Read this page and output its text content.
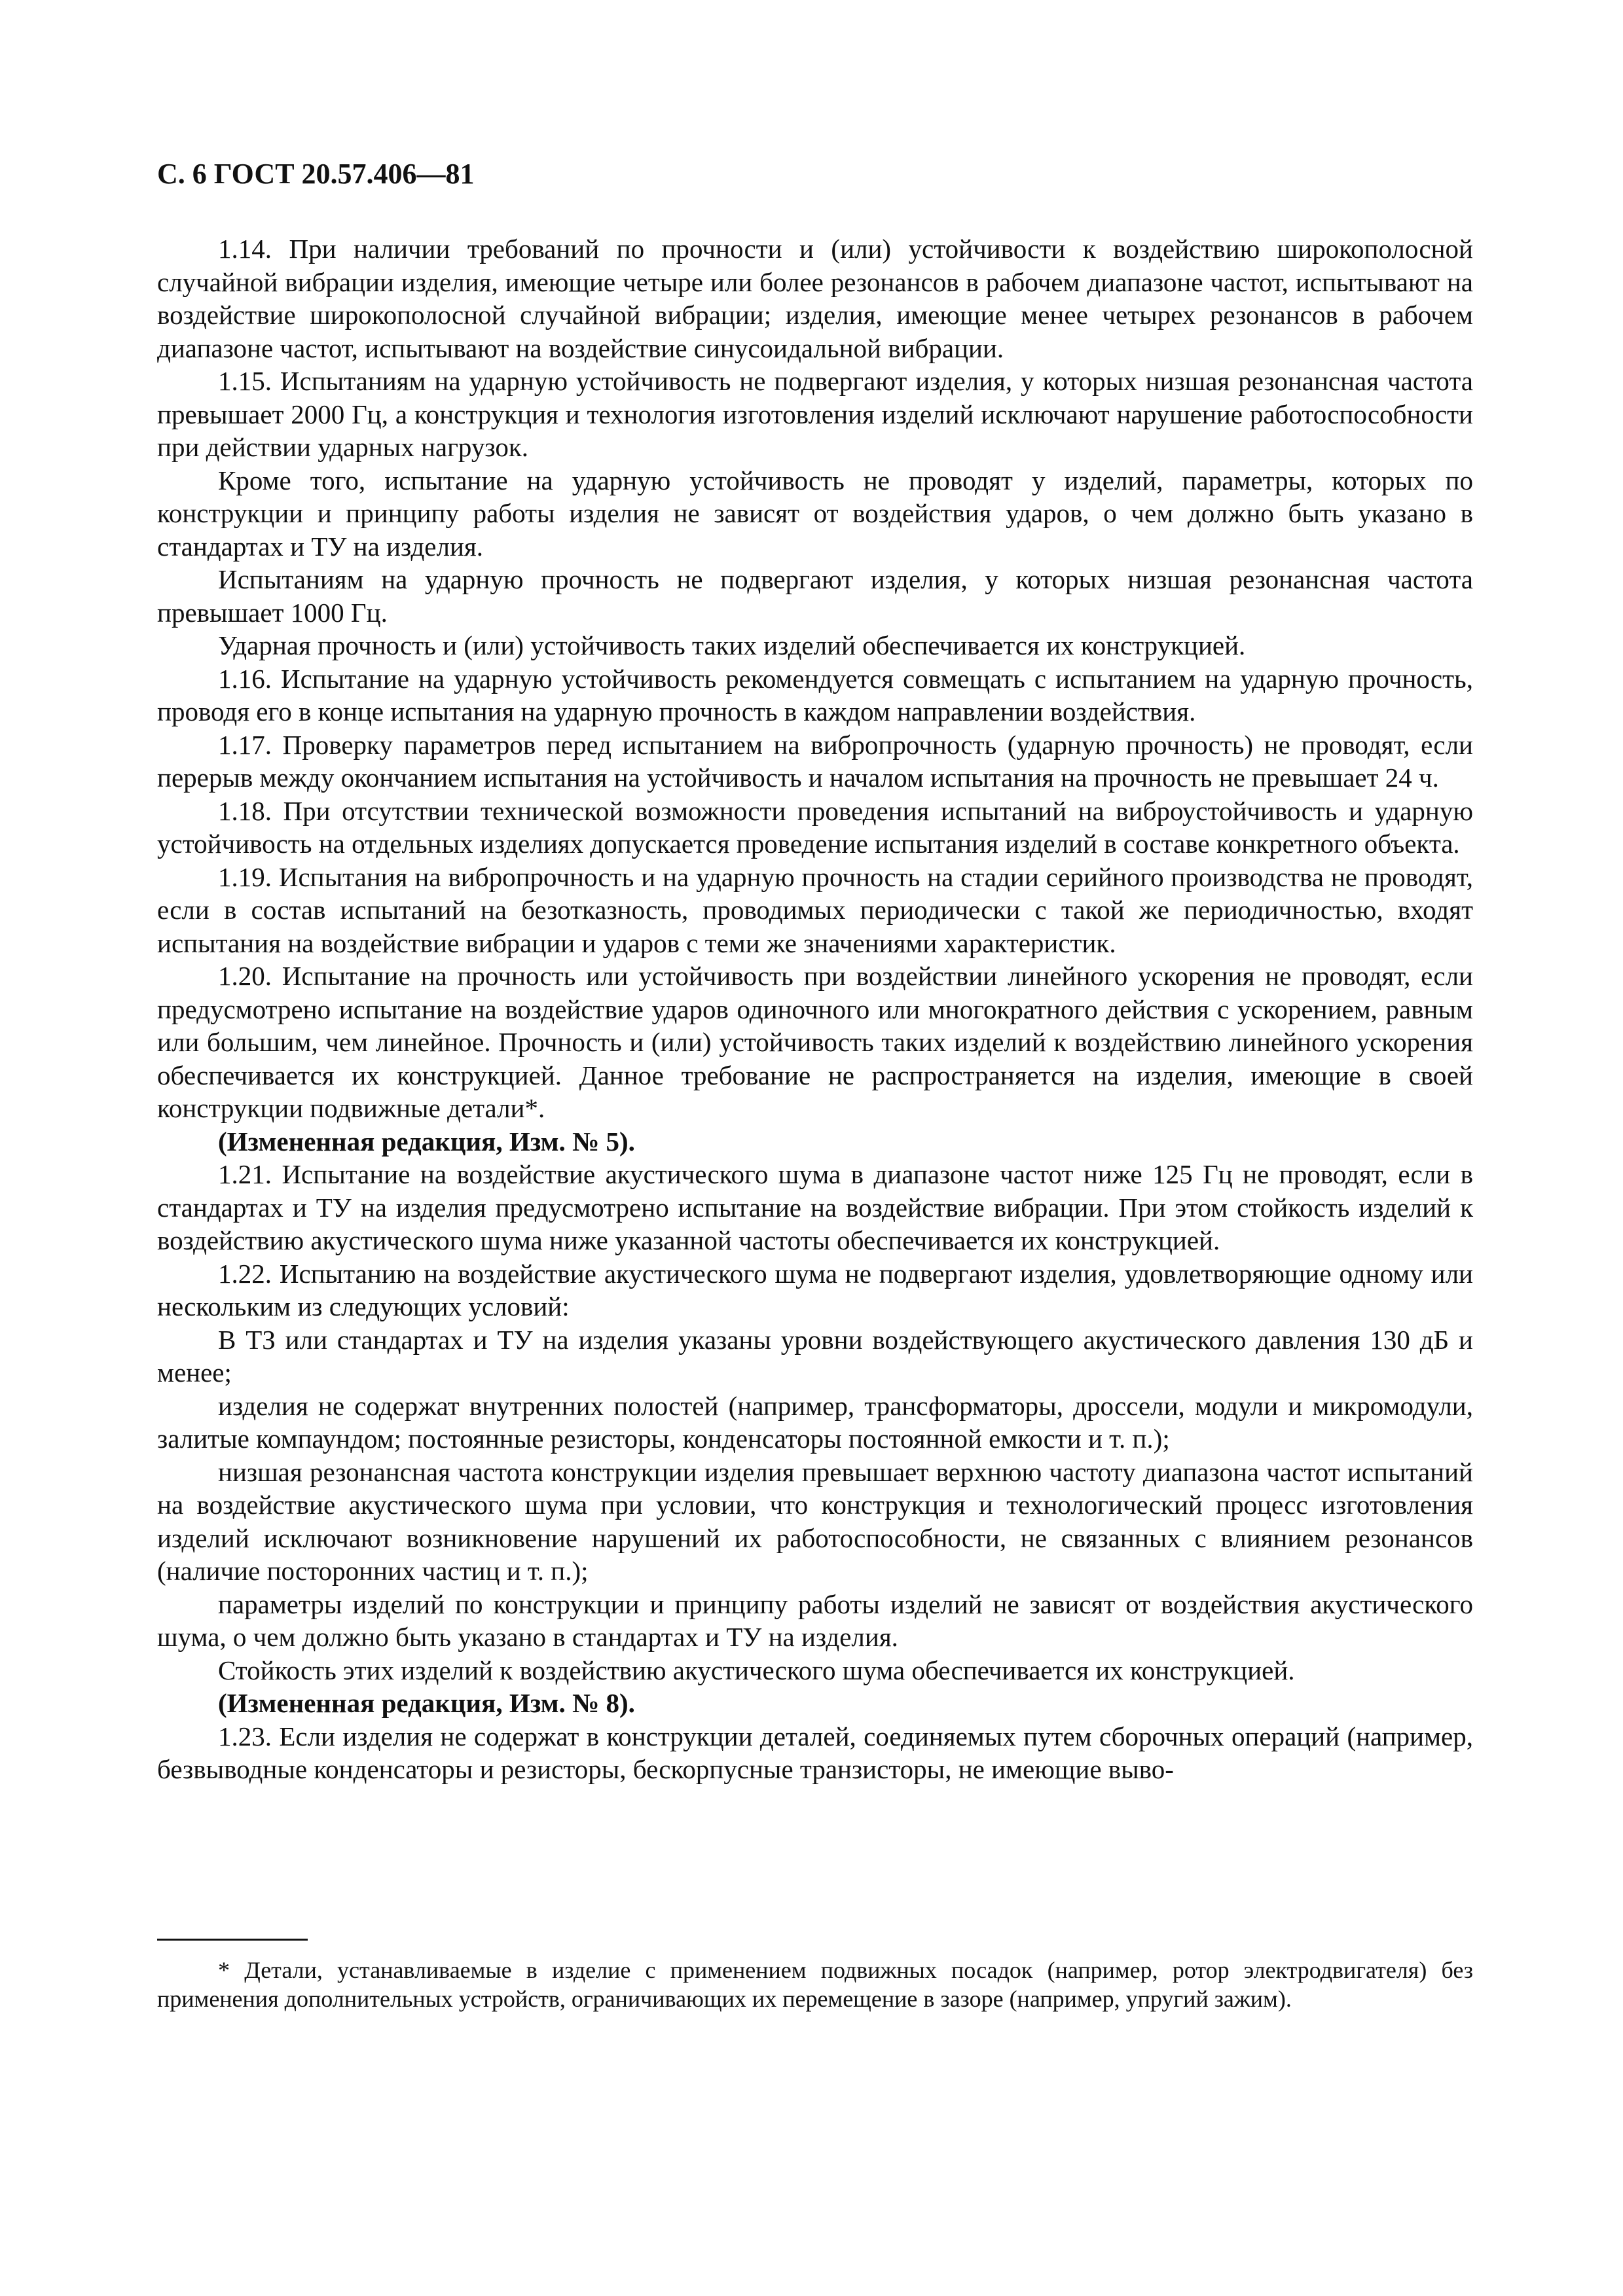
С. 6 ГОСТ 20.57.406—81

1.14. При наличии требований по прочности и (или) устойчивости к воздействию широкополосной случайной вибрации изделия, имеющие четыре или более резонансов в рабочем диапазоне частот, испытывают на воздействие широкополосной случайной вибрации; изделия, имеющие менее четырех резонансов в рабочем диапазоне частот, испытывают на воздействие синусоидальной вибрации.

1.15. Испытаниям на ударную устойчивость не подвергают изделия, у которых низшая резонансная частота превышает 2000 Гц, а конструкция и технология изготовления изделий исключают нарушение работоспособности при действии ударных нагрузок.

Кроме того, испытание на ударную устойчивость не проводят у изделий, параметры, которых по конструкции и принципу работы изделия не зависят от воздействия ударов, о чем должно быть указано в стандартах и ТУ на изделия.

Испытаниям на ударную прочность не подвергают изделия, у которых низшая резонансная частота превышает 1000 Гц.

Ударная прочность и (или) устойчивость таких изделий обеспечивается их конструкцией.

1.16. Испытание на ударную устойчивость рекомендуется совмещать с испытанием на ударную прочность, проводя его в конце испытания на ударную прочность в каждом направлении воздействия.

1.17. Проверку параметров перед испытанием на вибропрочность (ударную прочность) не проводят, если перерыв между окончанием испытания на устойчивость и началом испытания на прочность не превышает 24 ч.

1.18. При отсутствии технической возможности проведения испытаний на виброустойчивость и ударную устойчивость на отдельных изделиях допускается проведение испытания изделий в составе конкретного объекта.

1.19. Испытания на вибропрочность и на ударную прочность на стадии серийного производства не проводят, если в состав испытаний на безотказность, проводимых периодически с такой же периодичностью, входят испытания на воздействие вибрации и ударов с теми же значениями характеристик.

1.20. Испытание на прочность или устойчивость при воздействии линейного ускорения не проводят, если предусмотрено испытание на воздействие ударов одиночного или многократного действия с ускорением, равным или большим, чем линейное. Прочность и (или) устойчивость таких изделий к воздействию линейного ускорения обеспечивается их конструкцией. Данное требование не распространяется на изделия, имеющие в своей конструкции подвижные детали*.

(Измененная редакция, Изм. № 5).

1.21. Испытание на воздействие акустического шума в диапазоне частот ниже 125 Гц не проводят, если в стандартах и ТУ на изделия предусмотрено испытание на воздействие вибрации. При этом стойкость изделий к воздействию акустического шума ниже указанной частоты обеспечивается их конструкцией.

1.22. Испытанию на воздействие акустического шума не подвергают изделия, удовлетворяющие одному или нескольким из следующих условий:

В ТЗ или стандартах и ТУ на изделия указаны уровни воздействующего акустического давления 130 дБ и менее;

изделия не содержат внутренних полостей (например, трансформаторы, дроссели, модули и микромодули, залитые компаундом; постоянные резисторы, конденсаторы постоянной емкости и т. п.);

низшая резонансная частота конструкции изделия превышает верхнюю частоту диапазона частот испытаний на воздействие акустического шума при условии, что конструкция и технологический процесс изготовления изделий исключают возникновение нарушений их работоспособности, не связанных с влиянием резонансов (наличие посторонних частиц и т. п.);

параметры изделий по конструкции и принципу работы изделий не зависят от воздействия акустического шума, о чем должно быть указано в стандартах и ТУ на изделия.

Стойкость этих изделий к воздействию акустического шума обеспечивается их конструкцией.

(Измененная редакция, Изм. № 8).

1.23. Если изделия не содержат в конструкции деталей, соединяемых путем сборочных операций (например, безвыводные конденсаторы и резисторы, бескорпусные транзисторы, не имеющие выво-

* Детали, устанавливаемые в изделие с применением подвижных посадок (например, ротор электродвигателя) без применения дополнительных устройств, ограничивающих их перемещение в зазоре (например, упругий зажим).
